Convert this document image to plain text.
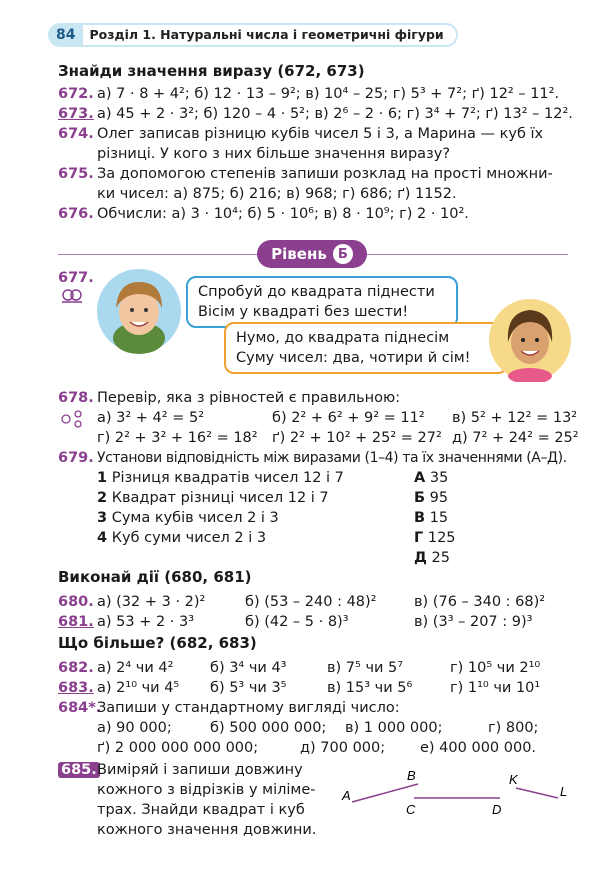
84	Розділ 1. Натуральні числа і геометричні фігури
Знайди значення виразу (672, 673)
672. а) 7 · 8 + 4²; б) 12 · 13 – 9²; в) 10⁴ – 25; г) 5³ + 7²; ґ) 12² – 11².
673. а) 45 + 2 · 3²; б) 120 – 4 · 5²; в) 2⁶ – 2 · 6; г) 3⁴ + 7²; ґ) 13² – 12².
674. Олег записав різницю кубів чисел 5 і 3, а Марина — куб їх
різниці. У кого з них більше значення виразу?
675. За допомогою степенів запиши розклад на прості множни-
ки чисел: а) 875; б) 216; в) 968; г) 686; ґ) 1152.
676. Обчисли: а) 3 · 10⁴; б) 5 · 10⁶; в) 8 · 10⁹; г) 2 · 10².
Рівень Б
677.
Спробуй до квадрата піднести
Вісім у квадраті без шести!
Нумо, до квадрата піднесім
Суму чисел: два, чотири й сім!
678. Перевір, яка з рівностей є правильною:
а) 3² + 4² = 5²	б) 2² + 6² + 9² = 11² в) 5² + 12² = 13²
г) 2² + 3² + 16² = 18² ґ) 2² + 10² + 25² = 27² д) 7² + 24² = 25²
679. Установи відповідність між виразами (1–4) та їх значеннями (А–Д).
1 Різниця квадратів чисел 12 і 7
2 Квадрат різниці чисел 12 і 7
3 Сума кубів чисел 2 і 3
4 Куб суми чисел 2 і 3
А 35
Б 95
В 15
Г 125
Д 25
Виконай дії (680, 681)
680. а) (32 + 3 · 2)²	б) (53 – 240 : 48)²	в) (76 – 340 : 68)²
681. а) 53 + 2 · 3³	б) (42 – 5 · 8)³	в) (3³ – 207 : 9)³
Що більше? (682, 683)
682. а) 2⁴ чи 4²	б) 3⁴ чи 4³	в) 7⁵ чи 5⁷	г) 10⁵ чи 2¹⁰
683. а) 2¹⁰ чи 4⁵ б) 5³ чи 3⁵	в) 15³ чи 5⁶	г) 1¹⁰ чи 10¹
684*.
Запиши у стандартному вигляді число:
а) 90 000;	б) 500 000 000; в) 1 000 000;	г) 800;
ґ) 2 000 000 000 000;	д) 700 000; е) 400 000 000.
685. Виміряй і запиши довжину
кожного з відрізків у міліме-
трах. Знайди квадрат і куб
кожного значення довжини.
A
B
C	D
K
L
